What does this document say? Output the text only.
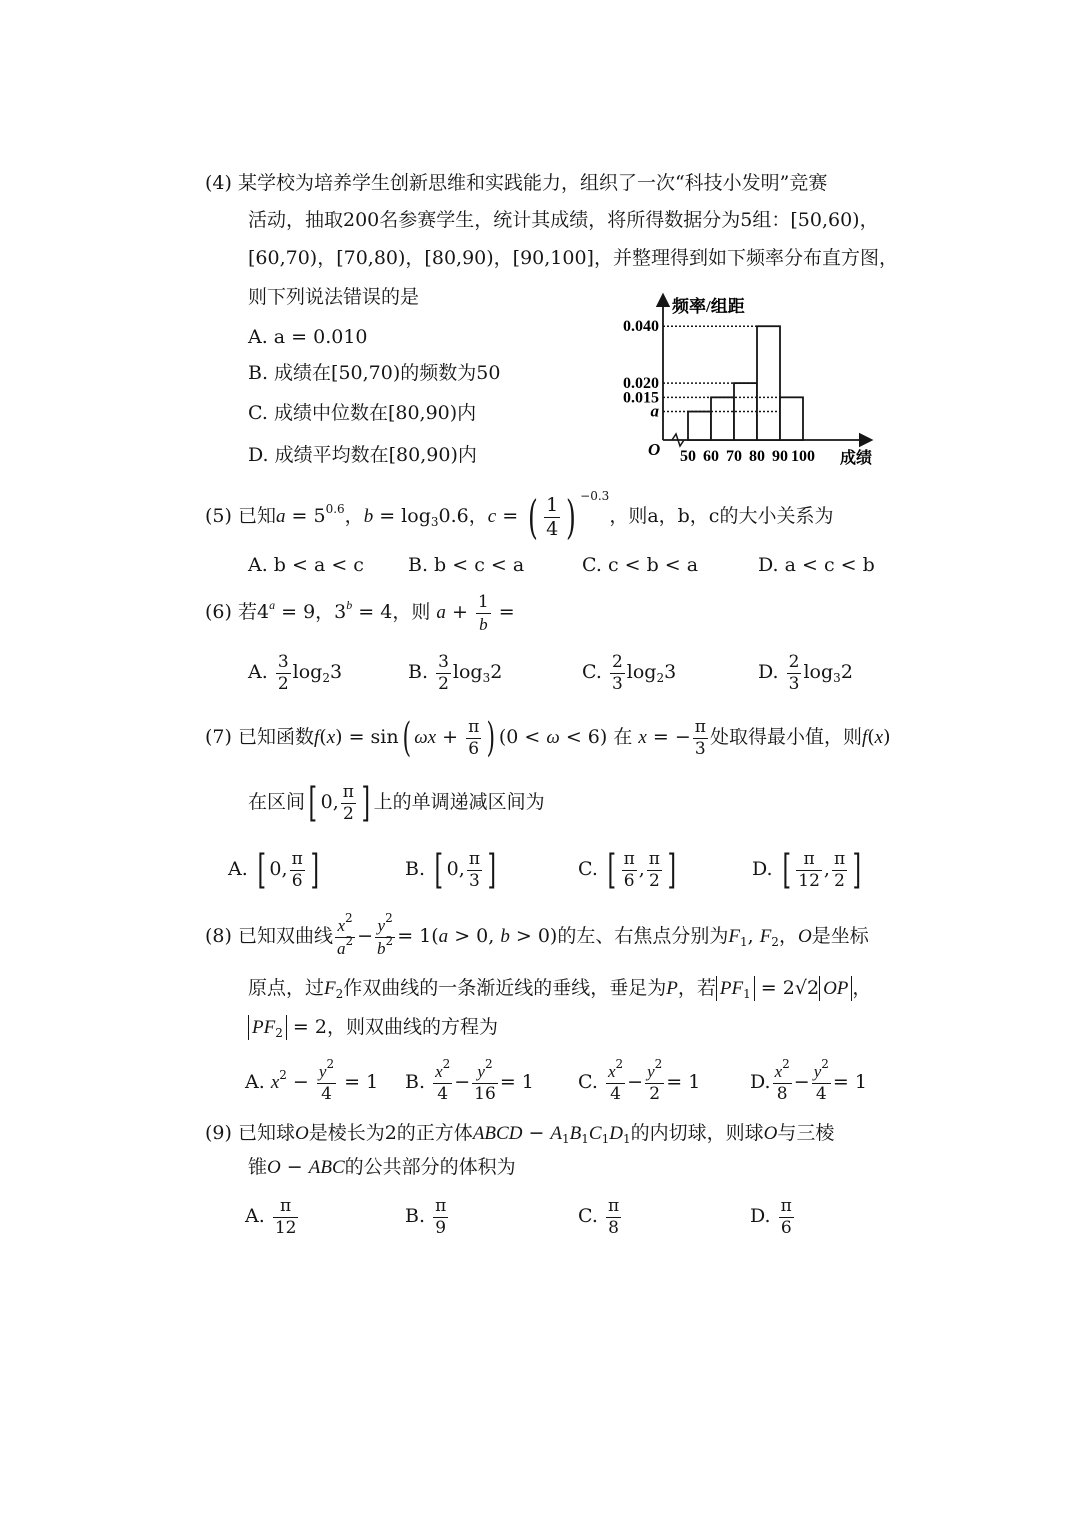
(4) 某学校为培养学生创新思维和实践能力，组织了一次“科技小发明”竞赛
活动，抽取200名参赛学生，统计其成绩，将所得数据分为5组：[50,60)，
[60,70)，[70,80)，[80,90)，[90,100]，并整理得到如下频率分布直方图，
则下列说法错误的是
A. a = 0.010
B. 成绩在[50,70)的频数为50
C. 成绩中位数在[80,90)内
D. 成绩平均数在[80,90)内
频率/组距
成绩
O
0.040
0.020
0.015
a
50 60 70 80 90 100
(5) 已知$a = 5^{0.6}$，$b = \log_30.6$，c = ( $\frac{1}{4}$ ) $^{-0.3}$，则a，b，c的大小关系为
A. b < a < c B. b < c < a	C. c < b < a	D. a < c < b
(6) 若$4^a = 9$，$3^b = 4$，则 $a + \frac{1}{b}$ =
A. $\frac{3}{2} \log_23$	B. $\frac{3}{2} \log_32$	C. $\frac{2}{3} \log_23$	D. $\frac{2}{3} \log_32$
(7) 已知函数f(x) = sin( $\omega x + \frac{\pi}{6}$ ) (0 < ω < 6) 在 x = − $\frac{\pi}{3}$ 处取得最小值，则f(x)
在区间[ 0, $\frac{\pi}{2}$ ] 上的单调递减区间为
A. [ 0, $\frac{\pi}{6}$ ]	B. [ 0, $\frac{\pi}{3}$ ]	C. [ $\frac{\pi}{6}$ , $\frac{\pi}{2}$ ]	D. [ $\frac{\pi}{12}$ , $\frac{\pi}{2}$ ]
(8) 已知双曲线 $\frac{x^2}{a^2} - \frac{y^2}{b^2} = 1(a > 0$, b > 0)的左、右焦点分别为$F_1$, $F_2$，O是坐标
原点，过$F_2$作双曲线的一条渐近线的垂线，垂足为P，若 $PF_1 = 2√2$ OP ，
$PF_2 = 2$，则双曲线的方程为
A. $x^2 - \frac{y^2}{4} = 1$ B. $\frac{x^2}{4} - \frac{y^2}{16} = 1$ C. $\frac{x^2}{4} - \frac{y^2}{2} = 1$	D. $\frac{x^2}{8} - \frac{y^2}{4} = 1$
(9) 已知球O是棱长为2的正方体ABCD − $A_1B_1C_1D_1$的内切球，则球O与三棱
锥O − ABC的公共部分的体积为
A. $\frac{\pi}{12}$	B. $\frac{\pi}{9}$	C. $\frac{\pi}{8}$	D. $\frac{\pi}{6}$
